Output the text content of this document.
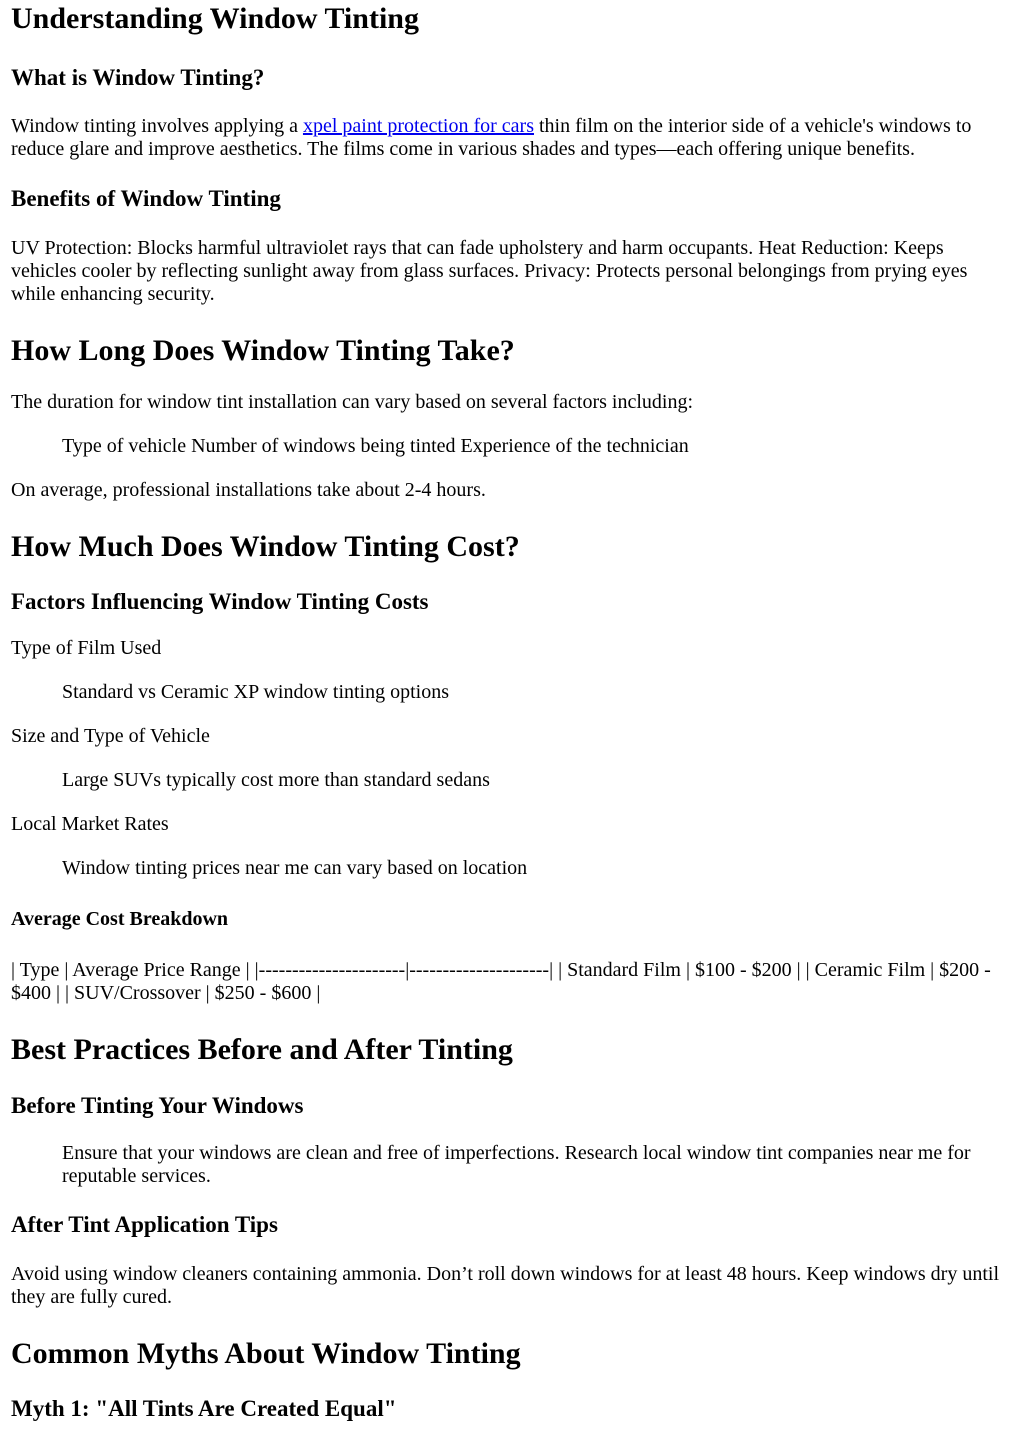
Understanding Window Tinting
What is Window Tinting?

Window tinting involves applying a xpel paint protection for cars thin film on the interior side of a vehicle's windows to reduce glare and improve aesthetics. The films come in various shades and types—each offering unique benefits.

Benefits of Window Tinting

UV Protection: Blocks harmful ultraviolet rays that can fade upholstery and harm occupants. Heat Reduction: Keeps vehicles cooler by reflecting sunlight away from glass surfaces. Privacy: Protects personal belongings from prying eyes while enhancing security.

How Long Does Window Tinting Take?

The duration for window tint installation can vary based on several factors including:

Type of vehicle Number of windows being tinted Experience of the technician

On average, professional installations take about 2-4 hours.

How Much Does Window Tinting Cost?
Factors Influencing Window Tinting Costs

Type of Film Used

Standard vs Ceramic XP window tinting options

Size and Type of Vehicle

Large SUVs typically cost more than standard sedans

Local Market Rates

Window tinting prices near me can vary based on location

Average Cost Breakdown

| Type | Average Price Range | |----------------------|---------------------| | Standard Film | $100 - $200 | | Ceramic Film | $200 - $400 | | SUV/Crossover | $250 - $600 |

Best Practices Before and After Tinting
Before Tinting Your Windows

Ensure that your windows are clean and free of imperfections. Research local window tint companies near me for reputable services.

After Tint Application Tips

Avoid using window cleaners containing ammonia. Don’t roll down windows for at least 48 hours. Keep windows dry until they are fully cured.

Common Myths About Window Tinting
Myth 1: "All Tints Are Created Equal"
